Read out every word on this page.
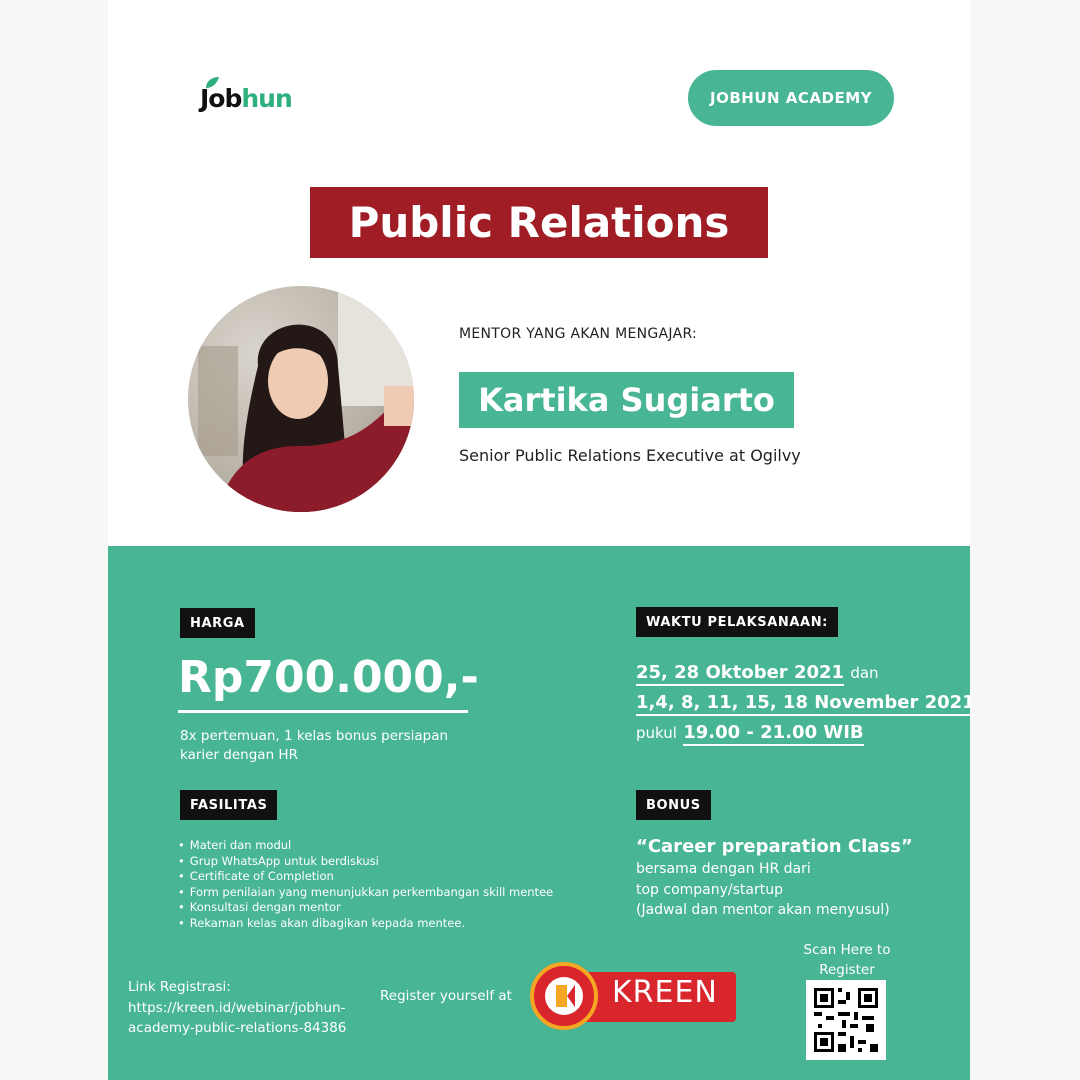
Jobhun	JOBHUN ACADEMY
Public Relations
MENTOR YANG AKAN MENGAJAR:
Kartika Sugiarto
Senior Public Relations Executive at Ogilvy
HARGA
Rp700.000,-
8x pertemuan, 1 kelas bonus persiapan
karier dengan HR
WAKTU PELAKSANAAN:
25, 28 Oktober 2021 dan
1,4, 8, 11, 15, 18 November 2021
pukul 19.00 - 21.00 WIB
FASILITAS
• Materi dan modul
• Grup WhatsApp untuk berdiskusi
• Certificate of Completion
• Form penilaian yang menunjukkan perkembangan skill mentee
• Konsultasi dengan mentor
• Rekaman kelas akan dibagikan kepada mentee.
BONUS
“Career preparation Class”
bersama dengan HR dari
top company/startup
(Jadwal dan mentor akan menyusul)
Link Registrasi:
https://kreen.id/webinar/jobhun-
academy-public-relations-84386
Register yourself at	KREEN
Scan Here to
Register
